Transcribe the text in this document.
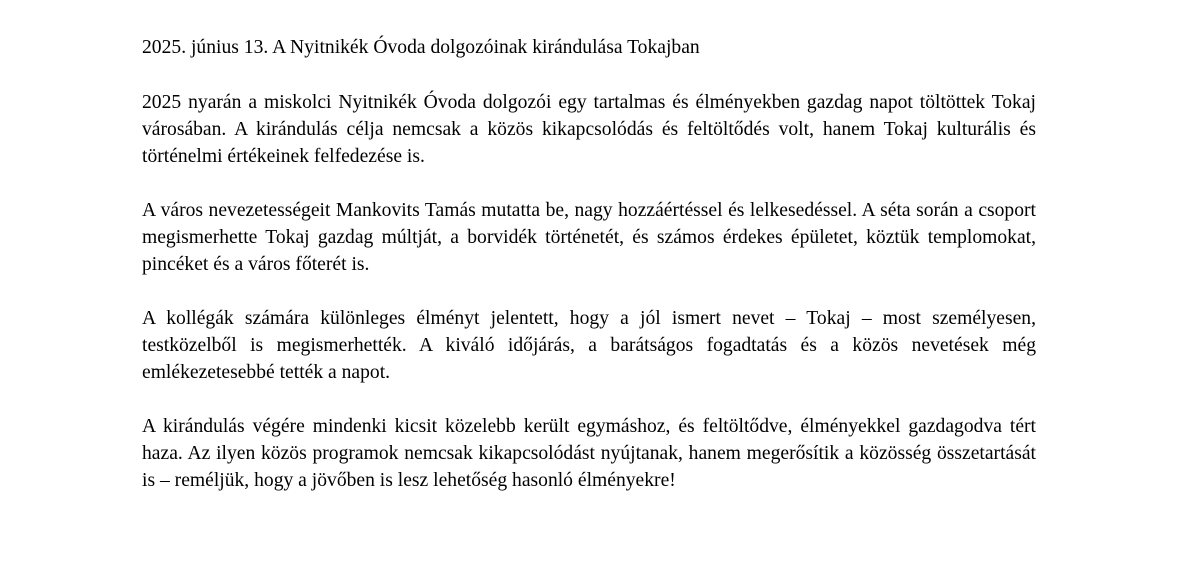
2025. június 13. A Nyitnikék Óvoda dolgozóinak kirándulása Tokajban

2025 nyarán a miskolci Nyitnikék Óvoda dolgozói egy tartalmas és élményekben gazdag napot töltöttek Tokaj városában. A kirándulás célja nemcsak a közös kikapcsolódás és feltöltődés volt, hanem Tokaj kulturális és történelmi értékeinek felfedezése is.

A város nevezetességeit Mankovits Tamás mutatta be, nagy hozzáértéssel és lelkesedéssel. A séta során a csoport megismerhette Tokaj gazdag múltját, a borvidék történetét, és számos érdekes épületet, köztük templomokat, pincéket és a város főterét is.

A kollégák számára különleges élményt jelentett, hogy a jól ismert nevet – Tokaj – most személyesen, testközelből is megismerhették. A kiváló időjárás, a barátságos fogadtatás és a közös nevetések még emlékezetesebbé tették a napot.

A kirándulás végére mindenki kicsit közelebb került egymáshoz, és feltöltődve, élményekkel gazdagodva tért haza. Az ilyen közös programok nemcsak kikapcsolódást nyújtanak, hanem megerősítik a közösség összetartását is – reméljük, hogy a jövőben is lesz lehetőség hasonló élményekre!
